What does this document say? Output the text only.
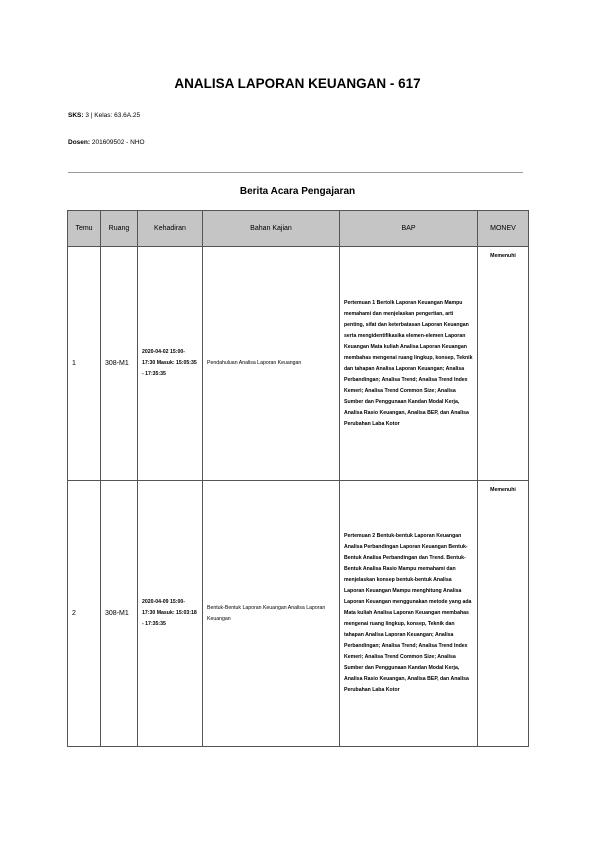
ANALISA LAPORAN KEUANGAN - 617
SKS: 3 | Kelas: 63.6A.25
Dosen: 201609502 - NHO
Berita Acara Pengajaran
Temu	Ruang	Kehadiran	Bahan Kajian	BAP	MONEV
1	308-M1	2020-04-02 15:00-17:30 Masuk: 15:05:35 - 17:35:35	Pendahuluan Analisa Laporan Keuangan	Pertemuan 1 Bertolk Laporan Keuangan Mampu memahami dan menjelaskan pengertian, arti penting, sifat dan keterbatasan Laporan Keuangan serta mengidentifikasika elemen-elemen Laporan Keuangan Mata kuliah Analisa Laporan Keuangan membahas mengenai ruang lingkup, konsep, Teknik dan tahapan Analisa Laporan Keuangan; Analisa Perbandingan; Analisa Trend; Analisa Trend Index Kemeri; Analisa Trend Common Size; Analisa Sumber dan Penggunaan Kandan Modal Kerja, Analisa Rasio Keuangan, Analisa BEP, dan Analisa Perubahan Laba Kotor	Memenuhi
2	308-M1	2020-04-09 15:00-17:30 Masuk: 15:03:18 - 17:35:35	Bentuk-Bentuk Laporan Keuangan Analisa Laporan Keuangan	Pertemuan 2 Bentuk-bentuk Laporan Keuangan Analisa Perbandingan Laporan Keuangan Bentuk-Bentuk Analisa Perbandingan dan Trend. Bentuk-Bentuk Analisa Rasio Mampu memahami dan menjelaskan konsep bentuk-bentuk Analisa Laporan Keuangan Mampu menghitung Analisa Laporan Keuangan menggunakan metode yang ada Mata kuliah Analisa Laporan Keuangan membahas mengenai ruang lingkup, konsep, Teknik dan tahapan Analisa Laporan Keuangan; Analisa Perbandingan; Analisa Trend; Analisa Trend Index Kemeri; Analisa Trend Common Size; Analisa Sumber dan Penggunaan Kandan Modal Kerja, Analisa Rasio Keuangan, Analisa BEP, dan Analisa Perubahan Laba Kotor	Memenuhi
